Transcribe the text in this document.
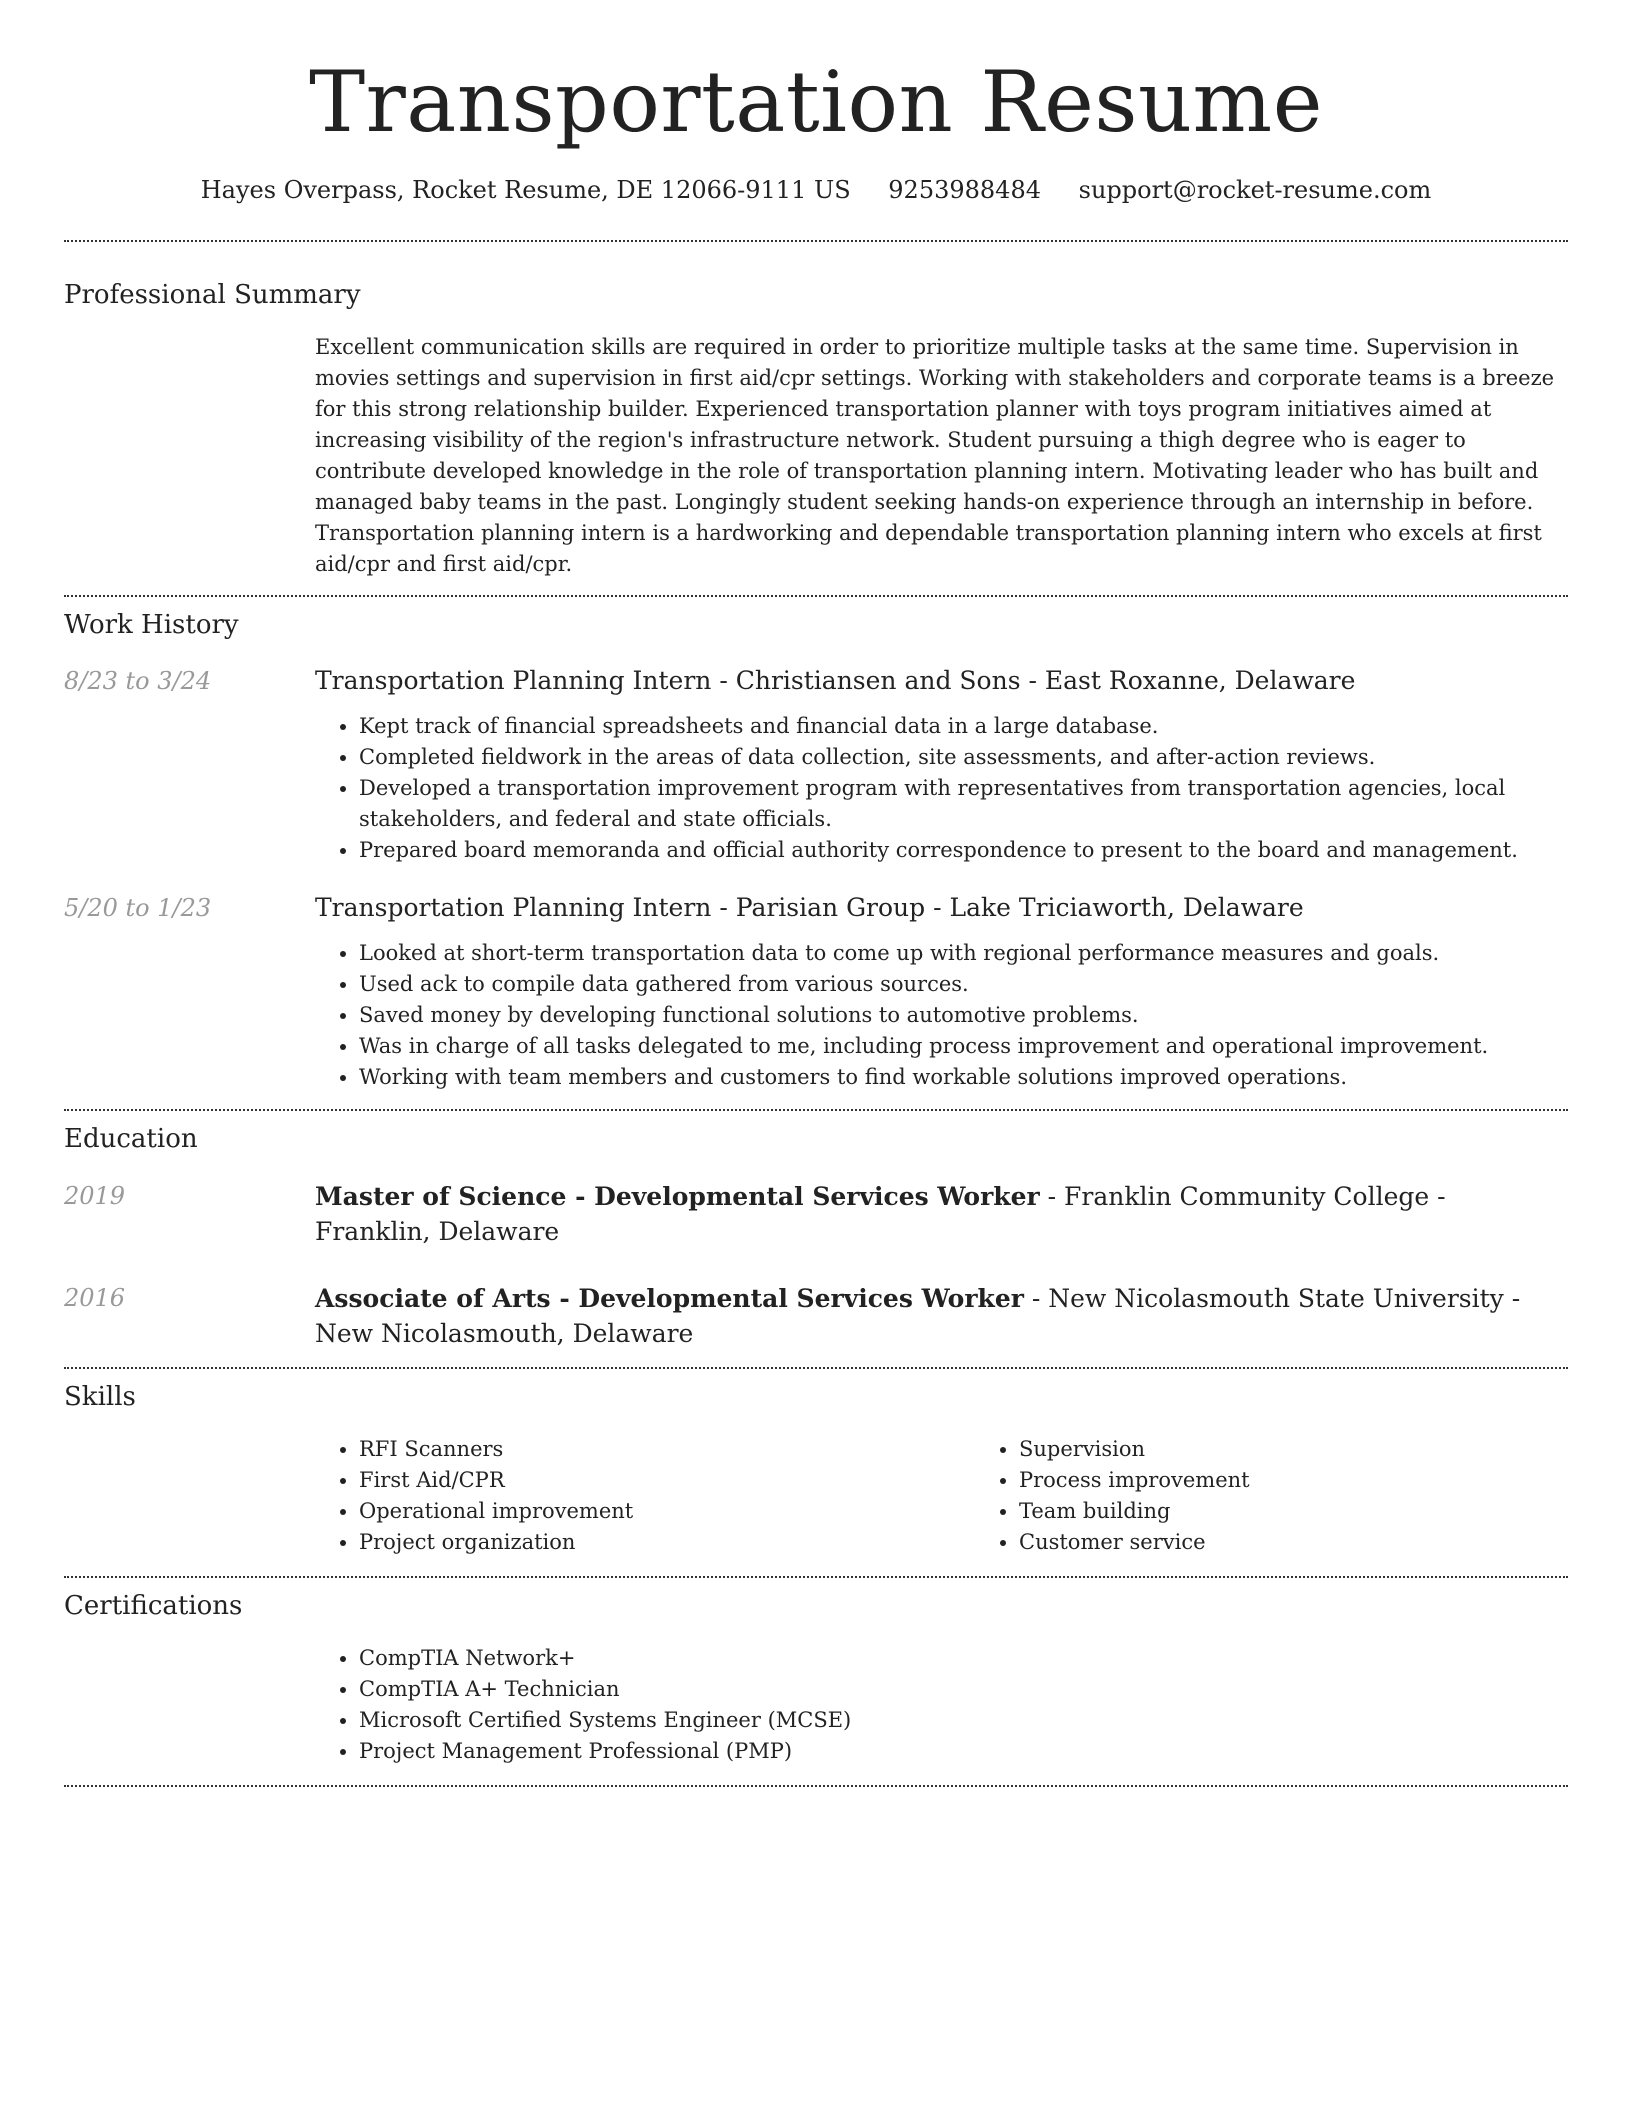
Transportation Resume
Hayes Overpass, Rocket Resume, DE 12066-9111 US 9253988484 support@rocket-resume.com
Professional Summary

Excellent communication skills are required in order to prioritize multiple tasks at the same time. Supervision in movies settings and supervision in first aid/cpr settings. Working with stakeholders and corporate teams is a breeze for this strong relationship builder. Experienced transportation planner with toys program initiatives aimed at increasing visibility of the region's infrastructure network. Student pursuing a thigh degree who is eager to contribute developed knowledge in the role of transportation planning intern. Motivating leader who has built and managed baby teams in the past. Longingly student seeking hands-on experience through an internship in before. Transportation planning intern is a hardworking and dependable transportation planning intern who excels at first aid/cpr and first aid/cpr.

Work History
8/23 to 3/24	Transportation Planning Intern - Christiansen and Sons - East Roxanne, Delaware

• Kept track of financial spreadsheets and financial data in a large database.
• Completed fieldwork in the areas of data collection, site assessments, and after-action reviews.
• Developed a transportation improvement program with representatives from transportation agencies, local stakeholders, and federal and state officials.
• Prepared board memoranda and official authority correspondence to present to the board and management.
5/20 to 1/23	Transportation Planning Intern - Parisian Group - Lake Triciaworth, Delaware

• Looked at short-term transportation data to come up with regional performance measures and goals.
• Used ack to compile data gathered from various sources.
• Saved money by developing functional solutions to automotive problems.
• Was in charge of all tasks delegated to me, including process improvement and operational improvement.
• Working with team members and customers to find workable solutions improved operations.
Education
2019	Master of Science - Developmental Services Worker - Franklin Community College - Franklin, Delaware

2016	Associate of Arts - Developmental Services Worker - New Nicolasmouth State University - New Nicolasmouth, Delaware

Skills
• RFI Scanners
• First Aid/CPR
• Operational improvement
• Project organization
• Supervision
• Process improvement
• Team building
• Customer service
Certifications
• CompTIA Network+
• CompTIA A+ Technician
• Microsoft Certified Systems Engineer (MCSE)
• Project Management Professional (PMP)
